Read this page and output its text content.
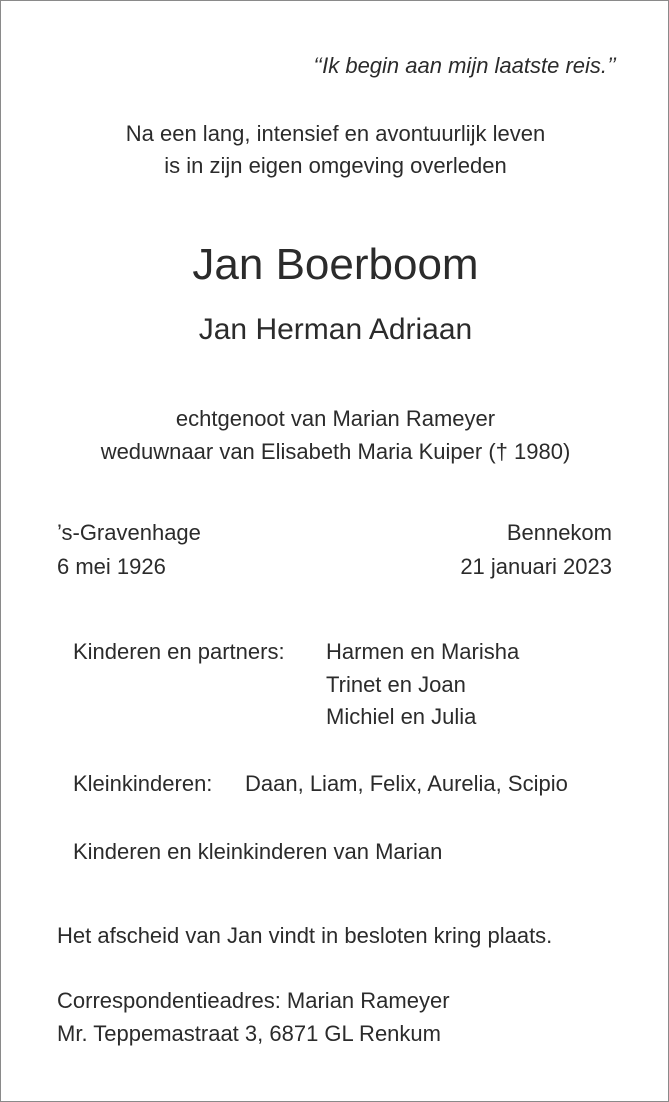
‘‘Ik begin aan mijn laatste reis.’’
Na een lang, intensief en avontuurlijk leven
is in zijn eigen omgeving overleden
Jan Boerboom
Jan Herman Adriaan
echtgenoot van Marian Rameyer
weduwnaar van Elisabeth Maria Kuiper († 1980)
’s-Gravenhage
6 mei 1926
Bennekom
21 januari 2023
Kinderen en partners: Harmen en Marisha
Trinet en Joan
Michiel en Julia
Kleinkinderen: Daan, Liam, Felix, Aurelia, Scipio
Kinderen en kleinkinderen van Marian
Het afscheid van Jan vindt in besloten kring plaats.
Correspondentieadres: Marian Rameyer
Mr. Teppemastraat 3, 6871 GL Renkum
